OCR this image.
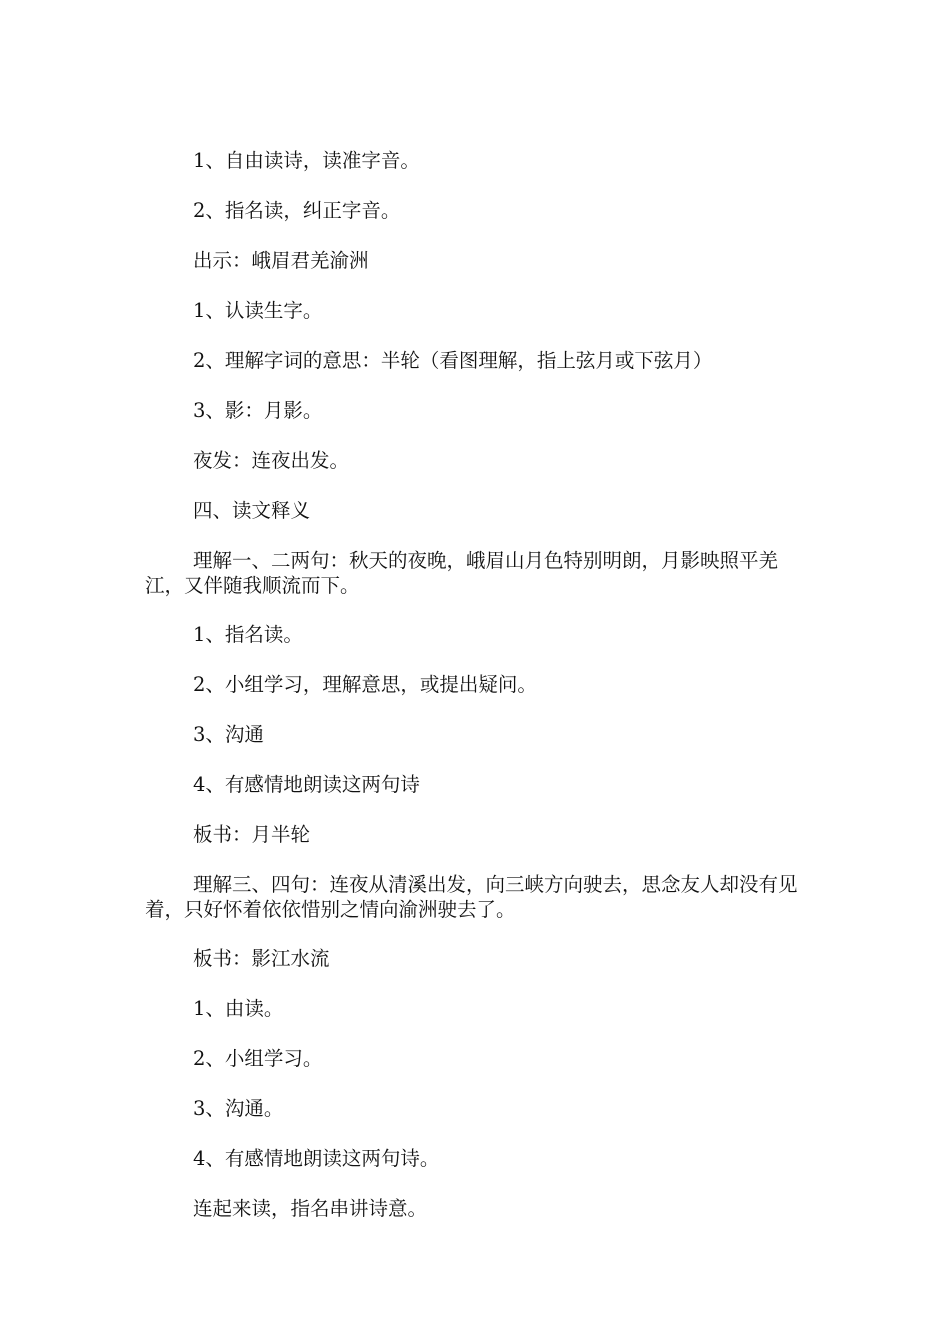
1、自由读诗，读准字音。

2、指名读，纠正字音。

出示：峨眉君羌渝洲

1、认读生字。

2、理解字词的意思：半轮（看图理解，指上弦月或下弦月）

3、影：月影。

夜发：连夜出发。

四、读文释义

理解一、二两句：秋天的夜晚，峨眉山月色特别明朗，月影映照平羌江，又伴随我顺流而下。

1、指名读。

2、小组学习，理解意思，或提出疑问。

3、沟通

4、有感情地朗读这两句诗

板书：月半轮

理解三、四句：连夜从清溪出发，向三峡方向驶去，思念友人却没有见着，只好怀着依依惜别之情向渝洲驶去了。

板书：影江水流

1、由读。

2、小组学习。

3、沟通。

4、有感情地朗读这两句诗。

连起来读，指名串讲诗意。
